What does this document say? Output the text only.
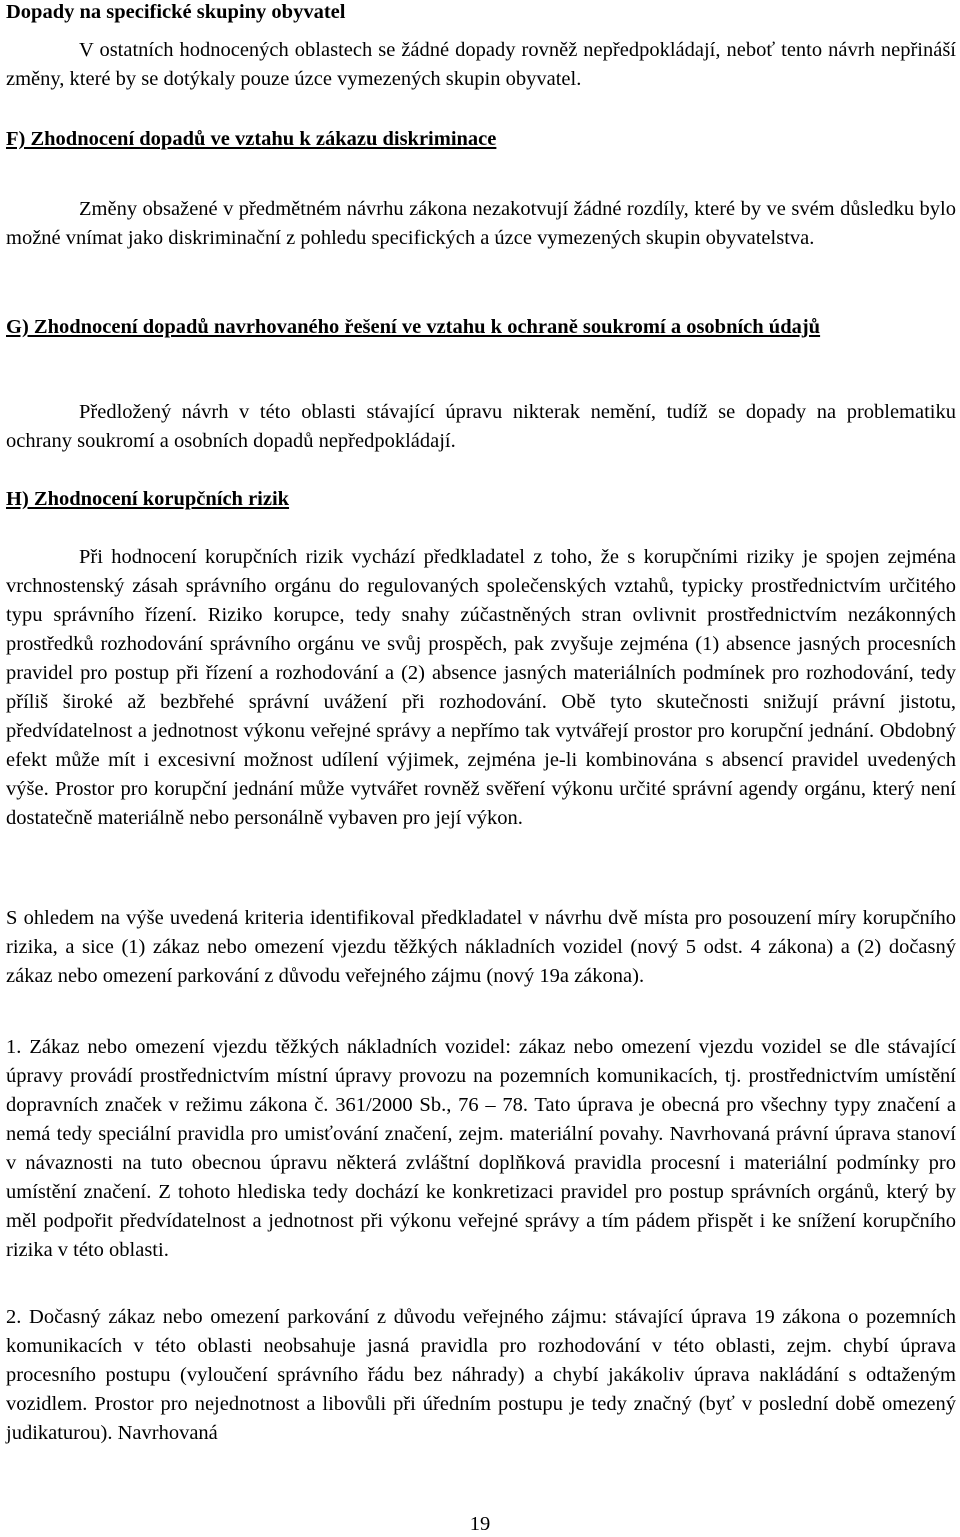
Dopady na specifické skupiny obyvatel

V ostatních hodnocených oblastech se žádné dopady rovněž nepředpokládají, neboť tento návrh nepřináší změny, které by se dotýkaly pouze úzce vymezených skupin obyvatel.

F) Zhodnocení dopadů ve vztahu k zákazu diskriminace

Změny obsažené v předmětném návrhu zákona nezakotvují žádné rozdíly, které by ve svém důsledku bylo možné vnímat jako diskriminační z pohledu specifických a úzce vymezených skupin obyvatelstva.

G) Zhodnocení dopadů navrhovaného řešení ve vztahu k ochraně soukromí a osobních údajů

Předložený návrh v této oblasti stávající úpravu nikterak nemění, tudíž se dopady na problematiku ochrany soukromí a osobních dopadů nepředpokládají.

H) Zhodnocení korupčních rizik

Při hodnocení korupčních rizik vychází předkladatel z toho, že s korupčními riziky je spojen zejména vrchnostenský zásah správního orgánu do regulovaných společenských vztahů, typicky prostřednictvím určitého typu správního řízení. Riziko korupce, tedy snahy zúčastněných stran ovlivnit prostřednictvím nezákonných prostředků rozhodování správního orgánu ve svůj prospěch, pak zvyšuje zejména (1) absence jasných procesních pravidel pro postup při řízení a rozhodování a (2) absence jasných materiálních podmínek pro rozhodování, tedy příliš široké až bezbřehé správní uvážení při rozhodování. Obě tyto skutečnosti snižují právní jistotu, předvídatelnost a jednotnost výkonu veřejné správy a nepřímo tak vytvářejí prostor pro korupční jednání. Obdobný efekt může mít i excesivní možnost udílení výjimek, zejména je-li kombinována s absencí pravidel uvedených výše. Prostor pro korupční jednání může vytvářet rovněž svěření výkonu určité správní agendy orgánu, který není dostatečně materiálně nebo personálně vybaven pro její výkon.

S ohledem na výše uvedená kriteria identifikoval předkladatel v návrhu dvě místa pro posouzení míry korupčního rizika, a sice (1) zákaz nebo omezení vjezdu těžkých nákladních vozidel (nový 5 odst. 4 zákona) a (2) dočasný zákaz nebo omezení parkování z důvodu veřejného zájmu (nový 19a zákona).

1. Zákaz nebo omezení vjezdu těžkých nákladních vozidel: zákaz nebo omezení vjezdu vozidel se dle stávající úpravy provádí prostřednictvím místní úpravy provozu na pozemních komunikacích, tj. prostřednictvím umístění dopravních značek v režimu zákona č. 361/2000 Sb., 76 – 78. Tato úprava je obecná pro všechny typy značení a nemá tedy speciální pravidla pro umisťování značení, zejm. materiální povahy. Navrhovaná právní úprava stanoví v návaznosti na tuto obecnou úpravu některá zvláštní doplňková pravidla procesní i materiální podmínky pro umístění značení. Z tohoto hlediska tedy dochází ke konkretizaci pravidel pro postup správních orgánů, který by měl podpořit předvídatelnost a jednotnost při výkonu veřejné správy a tím pádem přispět i ke snížení korupčního rizika v této oblasti.

2. Dočasný zákaz nebo omezení parkování z důvodu veřejného zájmu: stávající úprava 19 zákona o pozemních komunikacích v této oblasti neobsahuje jasná pravidla pro rozhodování v této oblasti, zejm. chybí úprava procesního postupu (vyloučení správního řádu bez náhrady) a chybí jakákoliv úprava nakládání s odtaženým vozidlem. Prostor pro nejednotnost a libovůli při úředním postupu je tedy značný (byť v poslední době omezený judikaturou). Navrhovaná

19
